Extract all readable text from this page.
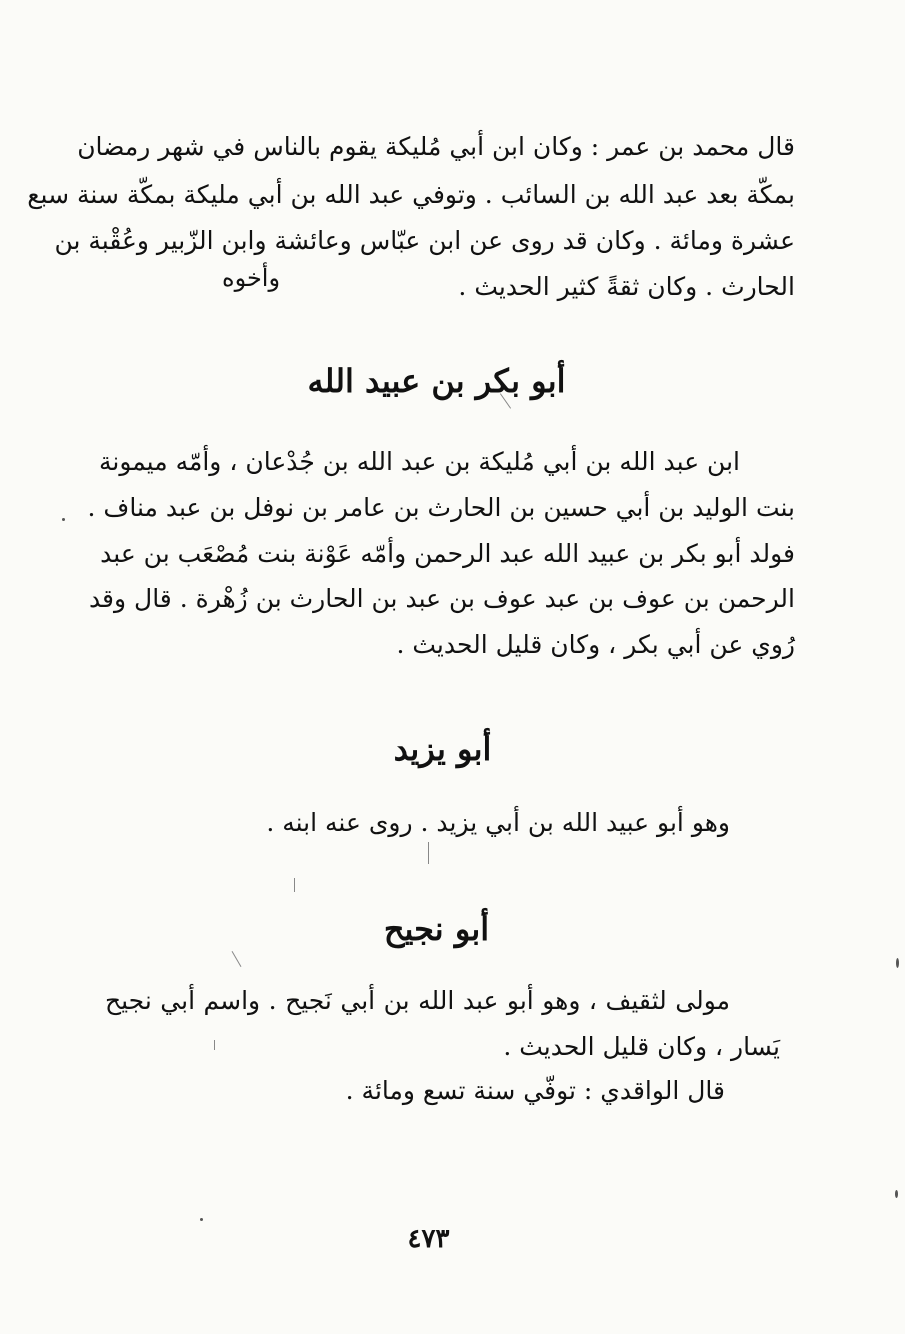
قال محمد بن عمر : وكان ابن أبي مُليكة يقوم بالناس في شهر رمضان
بمكّة بعد عبد الله بن السائب . وتوفي عبد الله بن أبي مليكة بمكّة سنة سبع
عشرة ومائة . وكان قد روى عن ابن عبّاس وعائشة وابن الزّبير وعُقْبة بن
الحارث . وكان ثقةً كثير الحديث .
وأخوه
أبو بكر بن عبيد الله
ابن عبد الله بن أبي مُليكة بن عبد الله بن جُدْعان ، وأمّه ميمونة
بنت الوليد بن أبي حسين بن الحارث بن عامر بن نوفل بن عبد مناف .
فولد أبو بكر بن عبيد الله عبد الرحمن وأمّه عَوْنة بنت مُصْعَب بن عبد
الرحمن بن عوف بن عبد عوف بن عبد بن الحارث بن زُهْرة . قال وقد
رُوي عن أبي بكر ، وكان قليل الحديث .
أبو يزيد
وهو أبو عبيد الله بن أبي يزيد . روى عنه ابنه .
أبو نجيح
مولى لثقيف ، وهو أبو عبد الله بن أبي نَجيح . واسم أبي نجيح
يَسار ، وكان قليل الحديث .
قال الواقدي : توفّي سنة تسع ومائة .
٤٧٣
